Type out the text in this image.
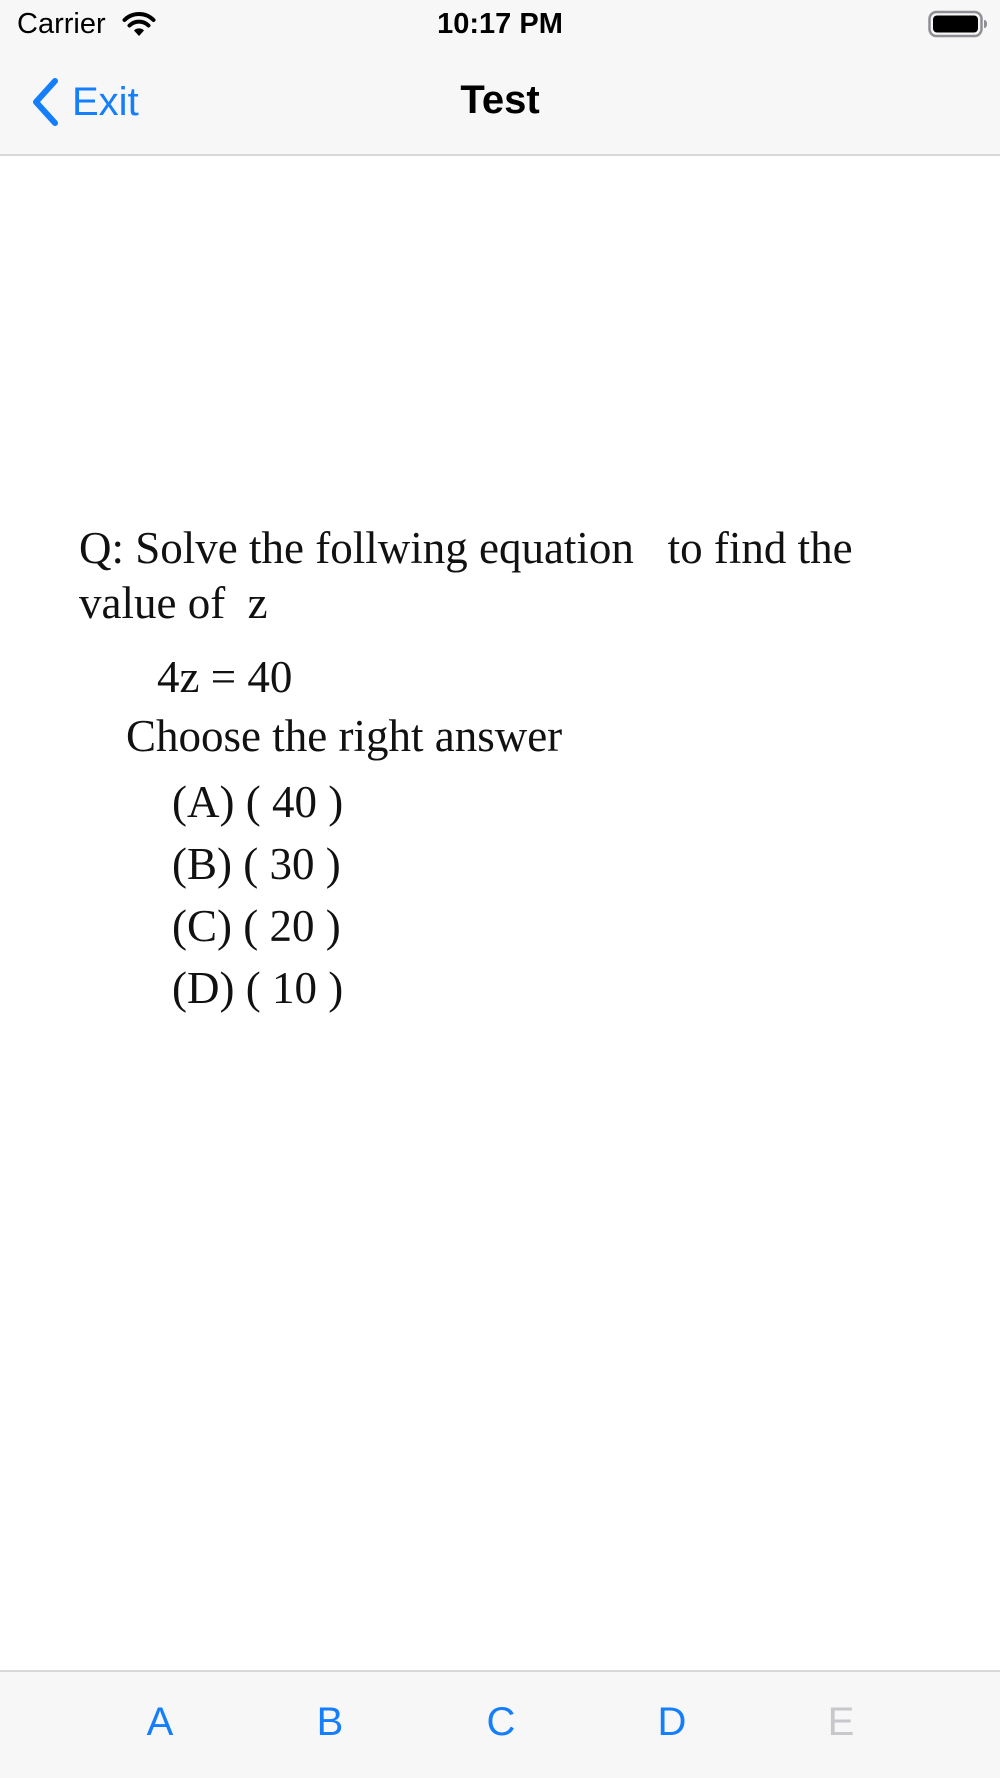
Carrier	10:17 PM
Exit	Test
Q: Solve the follwing equation   to find the
value of  z
4z = 40
Choose the right answer
(A) ( 40 )
(B) ( 30 )
(C) ( 20 )
(D) ( 10 )
A	B	C	D	E
